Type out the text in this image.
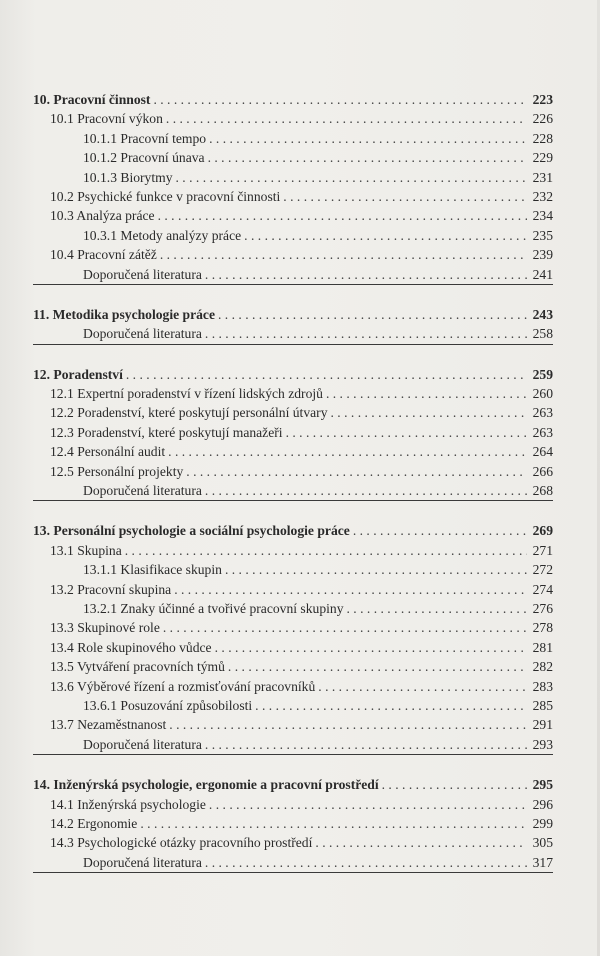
10. Pracovní činnost . . .	223
10.1 Pracovní výkon . . .	226
10.1.1 Pracovní tempo . . .	228
10.1.2 Pracovní únava . . .	229
10.1.3 Biorytmy . . .	231
10.2 Psychické funkce v pracovní činnosti . . .	232
10.3 Analýza práce . . .	234
10.3.1 Metody analýzy práce . . .	235
10.4 Pracovní zátěž . . .	239
Doporučená literatura . . .	241
11. Metodika psychologie práce . . .	243
Doporučená literatura . . .	258
12. Poradenství . . .	259
12.1 Expertní poradenství v řízení lidských zdrojů . . .	260
12.2 Poradenství, které poskytují personální útvary . . .	263
12.3 Poradenství, které poskytují manažeři . . .	263
12.4 Personální audit . . .	264
12.5 Personální projekty . . .	266
Doporučená literatura . . .	268
13. Personální psychologie a sociální psychologie práce . . .	269
13.1 Skupina . . .	271
13.1.1 Klasifikace skupin . . .	272
13.2 Pracovní skupina . . .	274
13.2.1 Znaky účinné a tvořivé pracovní skupiny . . .	276
13.3 Skupinové role . . .	278
13.4 Role skupinového vůdce . . .	281
13.5 Vytváření pracovních týmů . . .	282
13.6 Výběrové řízení a rozmisťování pracovníků . . .	283
13.6.1 Posuzování způsobilosti . . .	285
13.7 Nezaměstnanost . . .	291
Doporučená literatura . . .	293
14. Inženýrská psychologie, ergonomie a pracovní prostředí . . .	295
14.1 Inženýrská psychologie . . .	296
14.2 Ergonomie . . .	299
14.3 Psychologické otázky pracovního prostředí . . .	305
Doporučená literatura . . .	317
